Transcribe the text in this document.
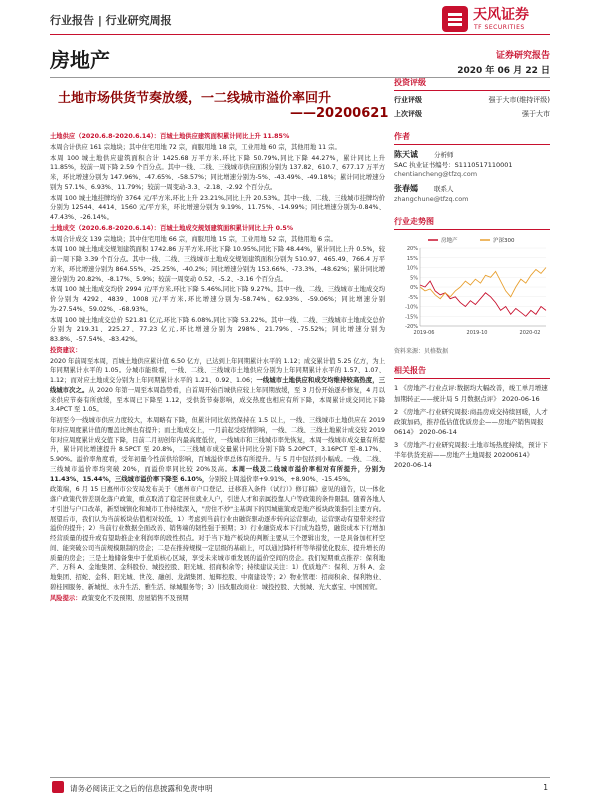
行业报告 | 行业研究周报	天风证券
TF SECURITIES
房地产	证券研究报告
2020 年 06 月 22 日
土地市场供货节奏放缓，一二线城市溢价率回升
——20200621

土地供应（2020.6.8-2020.6.14）：百城土地供应建筑面积累计同比上升 11.85%

本周合计供应 161 宗地块；其中住宅用地 72 宗，商服用地 18 宗，工业用地 60 宗，其他用地 11 宗。

本周 100 城土地供应建筑面积合计 1425.68 万平方米,环比下降 50.79%,同比下降 44.27%，累计同比上升 11.85%，较前一周下降 2.59 个百分点。其中一线、二线、三线城市供应面积分别为 137.82、610.7、677.17 万平方米，环比增速分别为 147.96%、-47.65%、-58.57%；同比增速分别为-5%、-43.49%、-49.18%；累计同比增速分别为 57.1%、6.93%、11.79%；较前一周变动-3.3、-2.18、-2.92 个百分点。

本周 100 城土地挂牌均价 3764 元/平方米,环比上升 23.21%,同比上升 20.53%。其中一线、二线、三线城市挂牌均价分别为 12544、4414、1560 元/平方米，环比增速分别为 9.19%、11.75%、-14.99%；同比增速分别为-0.84%、47.43%、-26.14%。

土地成交（2020.6.8-2020.6.14）：百城土地成交规划建筑面积累计同比上升 0.5%

本周合计成交 139 宗地块；其中住宅用地 66 宗，商服用地 15 宗，工业用地 52 宗，其他用地 6 宗。

本周 100 城土地成交规划建筑面积 1742.86 万平方米,环比下降 10.95%,同比下降 48.44%，累计同比上升 0.5%，较前一周下降 3.39 个百分点。其中一线、二线、三线城市土地成交规划建筑面积分别为 510.97、465.49、766.4 万平方米，环比增速分别为 864.55%、-25.25%、-40.2%；同比增速分别为 153.66%、-73.3%、-48.62%；累计同比增速分别为 20.82%、-8.17%、5.9%；较前一周变动 0.52、-5.2、-3.16 个百分点。

本周 100 城土地成交均价 2994 元/平方米,环比下降 5.46%,同比下降 9.27%。其中一线、二线、三线城市土地成交均价分别为 4292、4839、1008 元/平方米,环比增速分别为-58.74%、62.93%、-59.06%；同比增速分别为-27.54%、59.02%、-68.93%。

本周 100 城土地成交总价 521.81 亿元,环比下降 6.08%,同比下降 53.22%。其中一线、二线、三线城市土地成交总价分别为 219.31、225.27、77.23 亿元,环比增速分别为 298%、21.79%、-75.52%；同比增速分别为 83.8%、-57.54%、-83.42%。

投资建议：

2020 年前周至本周，百城土地供应累计值 6.50 亿方，已达到上年同期累计水平的 1.12；成交累计值 5.25 亿方，为上年同期累计水平的 1.05。分城市能级看，一线、二线、三线城市土地供应分别为上年同期累计水平的 1.57、1.07、1.12；而对应土地成交分别为上年同期累计水平的 1.21、0.92、1.06；一线城市土地供应和成交均维持较高热度，三线城市次之。从 2020 年第一周至本周趋势看，自首周开始百城供应较上年同期放缓，至 3 月份开始逐步修复，4 月以来供应节奏有所放缓，至本周已下降至 1.12，受供货节奏影响，成交热度也相应有所下降，本周累计成交同比下降 3.4PCT 至 1.05。

年初至今一线城市供应力度较大，本周略有下降，但累计同比依然保持在 1.5 以上，一线、三线城市土地供应在 2019 年对应周度累计值的覆盖比例也有提升；而土地成交上，一月前起受疫情影响，一线、二线、三线土地累计成交较 2019 年对应周度累计成交值下降，目前二月初创年内最高度低位，一线城市和三线城市率先恢复，本周一线城市成交量有所提升，累计同比增速提升 8.5PCT 至 20.8%，二三线城市成交量累计同比分别下降 5.20PCT、3.16PCT 至-8.17%、5.90%。溢价率角度看，受年初量今性前供给影响，百城溢价率总体有所提升。与 5 月中包括到小幅成。一线、二线、三线城市溢价率均突破 20%，而溢价率同比较 20%及高。本周一线及二线城市溢价率相对有所提升，分别为 11.43%、15.44%，三线城市溢价率下降至 6.10%，分别较上周溢价率+9.91%、+8.90%、-15.45%。

政策端，6 月 15 日惠州市公安局发布关于《惠州市户口登记、迁移准入条件（试行）》修订稿》意见的通告，以一体化落户政策代替差别化落户政策，重点取消了稳定居住就业人户，引进人才和亲属投靠人户等政策的条件限制。随着各地人才引进与户口改革，新型城镇化和城市工作持续深入，"房住不炒"主基调下的因城施策或是地产板块政策指引主要方向。展望后市，我们认为当前板块估值相对较低，1）考虑到当前行业由融资驱动逐步转向运营驱动，运营驱动有望带来经营溢价的提升；2）当前行业数据全面改善、销售端的韧性强于预期；3）行业融资成本下行成为趋势，融资成本下行增加经营质量的提升或有望助推企业利润率的段性拐点。对于当下地产板块的判断主要从三个逻辑出发，一是具备加杠杆空间、能突破公司当前规模限制的房企；二是在推持规模一定层级的基础上，可以通过降杆杆等举措优化股东、提升增长的质量的房企；三是土地储备集中于优质核心区域，享受未来城市重发展的溢价空间的房企。我们短期重点推荐：保利地产、万科 A、金地集团、金科股份、城投控股、阳光城、招商积余等；持续建议关注：1）优质地产：保利、万科 A、金地集团、招蛇、金科、阳光城、世茂、融创、龙湖集团、旭辉控股、中南建设等；2）物业管理：招商积余、保利物业、碧桂园服务、新城悦、永升生活、雅生活、绿城服务等；3）旧改服改商业：城投控股、大悦城、光大嘉宝、中国国贸。

风险提示：政策变化不及预期、房屋销售不及预期

投资评级
行业评级	强于大市(维持评级)
上次评级	强于大市
作者
陈天诚 分析师
SAC 执业证书编号：S1110517110001
chentiancheng@tfzq.com
张春嫣 联系人
zhangchune@tfzq.com
行业走势图
20%
15%
10%
5%
0%
-5%
-10%
-15%
-20%
2019-06	2019-10	2020-02
房地产	沪深300
资料来源：贝格数据
相关报告
1 《房地产-行业点评:数据均大幅改善，竣工单月增速加期转正——统计局 5 月数据点评》 2020-06-16
2 《房地产-行业研究周报:商品房成交持续回暖，人才政策加码，推荐低估值优质房企——房地产销售周报 0614》 2020-06-14
3 《房地产-行业研究周报:土地市场热度持续，预计下半年供货充裕——房地产土地周报 20200614》 2020-06-14
请务必阅读正文之后的信息披露和免责申明	1
